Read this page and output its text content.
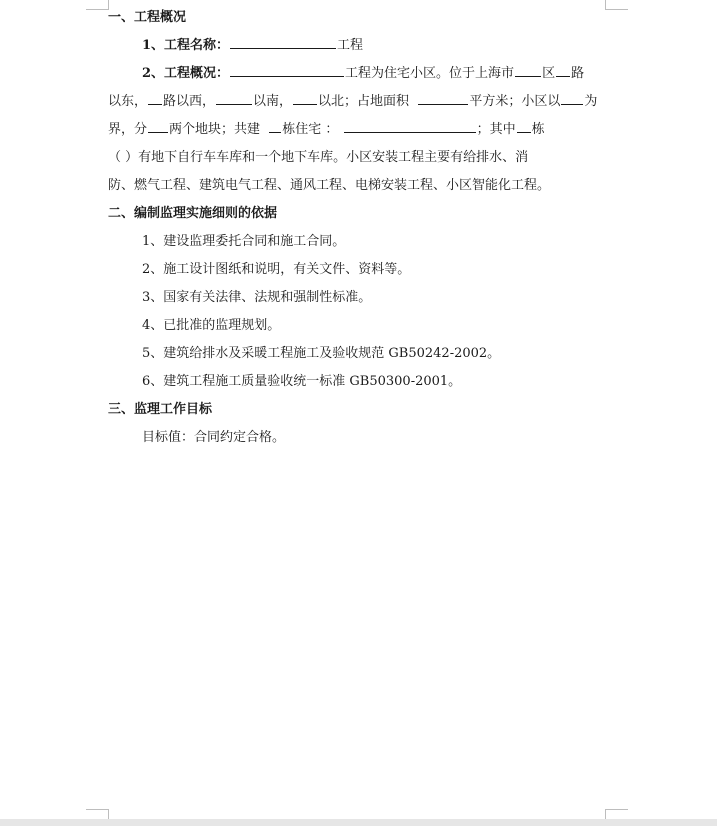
一、工程概况
1、工程名称：	工程
2、工程概况：	工程为住宅小区。位于上海市 区 路
以东， 路以西，	以南， 以北；占地面积	平方米；小区以 为
界，分 两个地块；共建 栋住宅 ：	；其中 栋
（ ）有地下自行车车库和一个地下车库。小区安装工程主要有给排水、消
防、燃气工程、建筑电气工程、通风工程、电梯安装工程、小区智能化工程。
二、编制监理实施细则的依据
1、建设监理委托合同和施工合同。
2、施工设计图纸和说明，有关文件、资料等。
3、国家有关法律、法规和强制性标准。
4、已批准的监理规划。
5、建筑给排水及采暖工程施工及验收规范 GB50242-2002。
6、建筑工程施工质量验收统一标准 GB50300-2001。
三、监理工作目标
目标值：合同约定合格。
